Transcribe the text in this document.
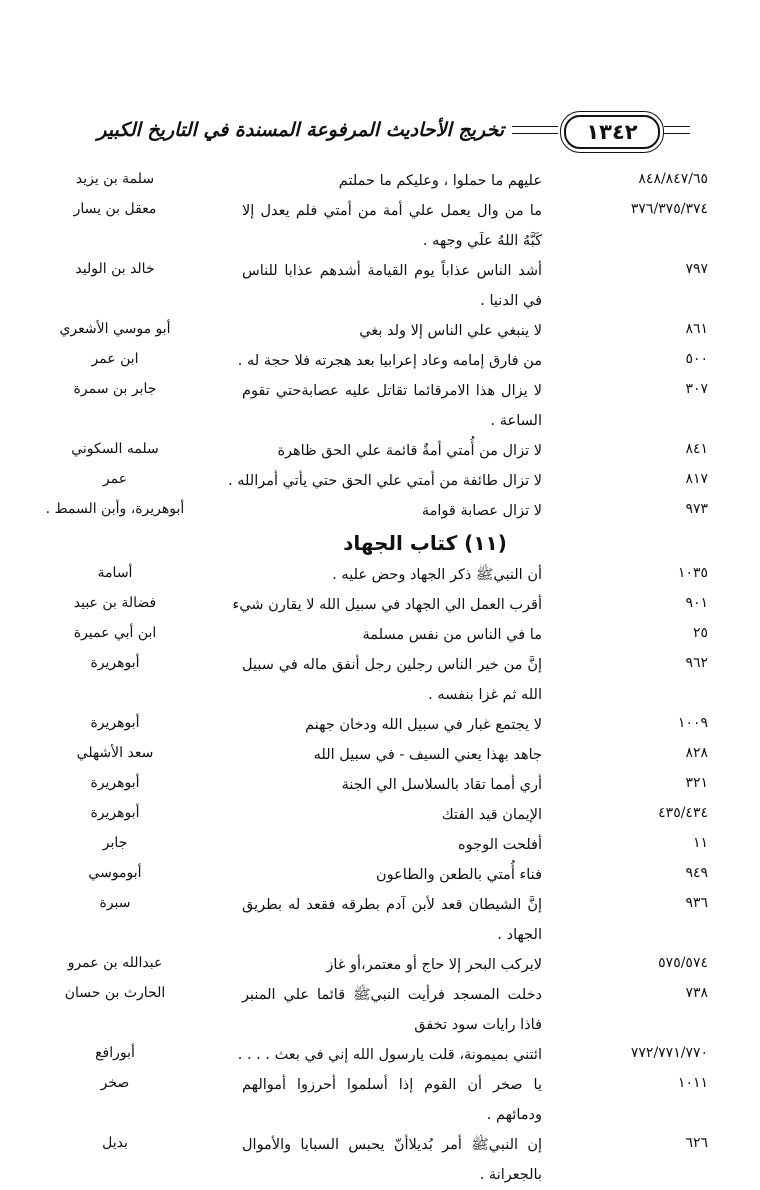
١٣٤٢
تخريج الأحاديث المرفوعة المسندة في التاريخ الكبير
٨٤٨/٨٤٧/٦٥
عليهم ما حملوا ، وعليكم ما حملتم
سلمة بن يزيد
٣٧٦/٣٧٥/٣٧٤
ما من وال يعمل علي أمة من أمتي فلم يعدل إلا كَبَّهُ اللهُ علَي وجهه .
معقل بن يسار
٧٩٧
أشد الناس عذاباً يوم القيامة أشدهم عذابا للناس في الدنيا .
خالد بن الوليد
٨٦١
لا ينبغي علي الناس إلا ولد بغي
أبو موسي الأشعري
٥٠٠
من فارق إمامه وعاد إعرابيا بعد هجرته فلا حجة له .
ابن عمر
٣٠٧
لا يزال هذا الامرقائما تقاتل عليه عصابةحتي تقوم الساعة .
جابر بن سمرة
٨٤١
لا تزال من أُمتي أمةٌ قائمة علي الحق ظاهرة
سلمه السكوني
٨١٧
لا تزال طائفة من أمتي علي الحق حتي يأتي أمرالله .
عمر
٩٧٣
لا تزال عصابة قوامة
أبوهريرة، وأبن السمط .
(١١) كتاب الجهاد
١٠٣٥
أن النبيﷺ ذكر الجهاد وحض عليه .
أسامة
٩٠١
أقرب العمل الي الجهاد في سبيل الله لا يقارن شيء
فضالة بن عبيد
٢٥
ما في الناس من نفس مسلمة
ابن أبي عميرة
٩٦٢
إنَّ من خير الناس رجلين رجل أنفق ماله في سبيل الله ثم غزا بنفسه .
أبوهريرة
١٠٠٩
لا يجتمع غبار في سبيل الله ودخان جهنم
أبوهريرة
٨٢٨
جاهد بهذا يعني السيف - في سبيل الله
سعد الأشهلي
٣٢١
أري أمما تقاد بالسلاسل الي الجنة
أبوهريرة
٤٣٥/٤٣٤
الإيمان قيد الفتك
أبوهريرة
١١
أفلحت الوجوه
جابر
٩٤٩
فناء أُمتي بالطعن والطاعون
أبوموسي
٩٣٦
إنَّ الشيطان قعد لأبن آدم بطرقه فقعد له بطريق الجهاد .
سبرة
٥٧٥/٥٧٤
لايركب البحر إلا حاج أو معتمر،أو غاز
عبدالله بن عمرو
٧٣٨
دخلت المسجد فرأيت النبيﷺ قائما علي المنبر فاذا رايات سود تخفق
الحارث بن حسان
٧٧٢/٧٧١/٧٧٠
ائتني بميمونة، قلت يارسول الله إني في بعث . . . .
أبورافع
١٠١١
يا صخر أن القوم إذا أسلموا أحرزوا أموالهم ودمائهم .
صخر
٦٢٦
إن النبيﷺ أمر بُديلاأنّ يحبس السبايا والأموال بالجعرانة .
بديل
